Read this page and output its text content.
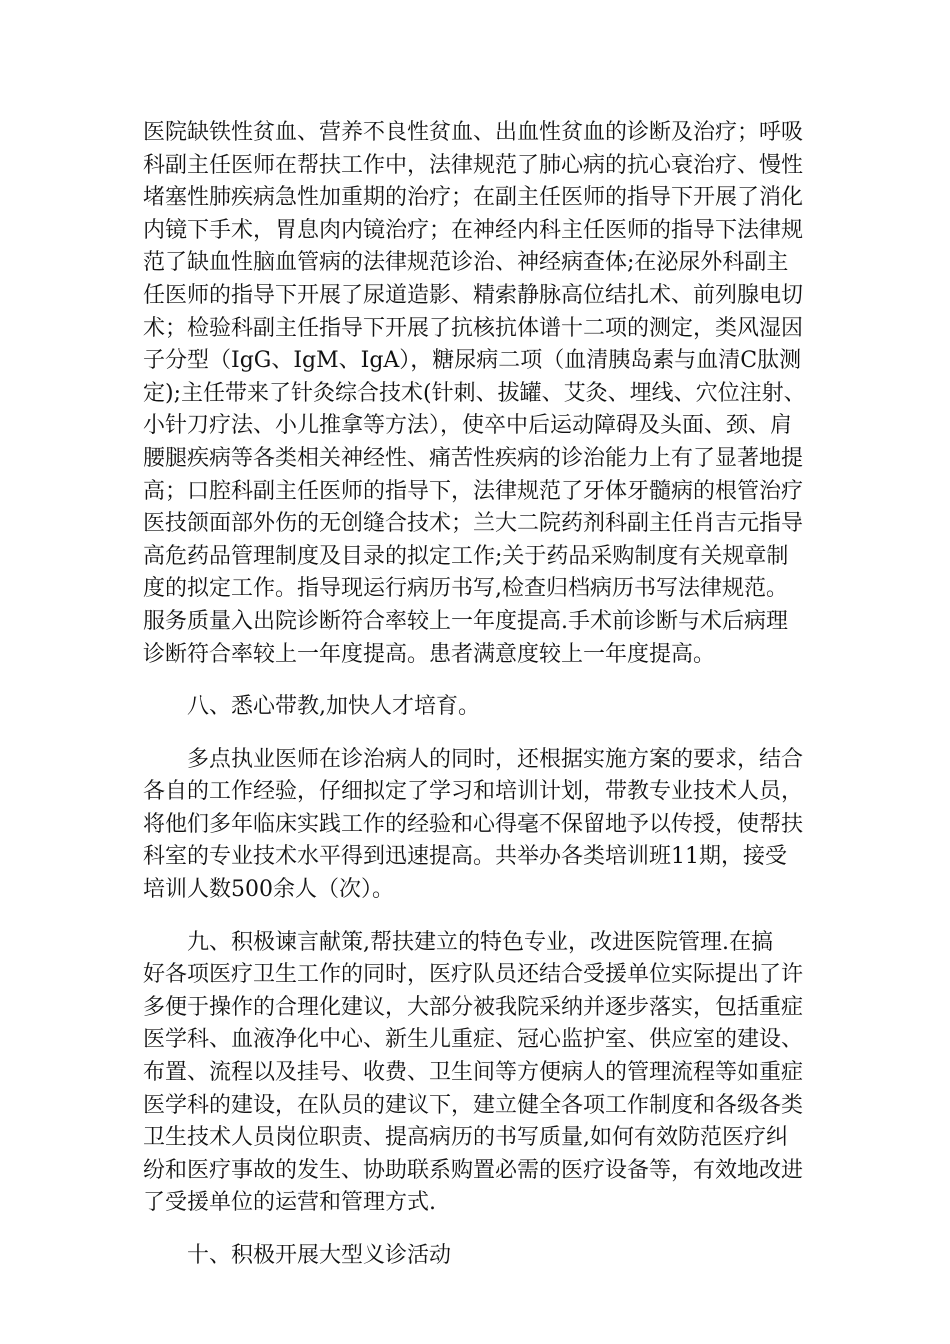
医院缺铁性贫血、营养不良性贫血、出血性贫血的诊断及治疗；呼吸
科副主任医师在帮扶工作中，法律规范了肺心病的抗心衰治疗、慢性
堵塞性肺疾病急性加重期的治疗；在副主任医师的指导下开展了消化
内镜下手术，胃息肉内镜治疗；在神经内科主任医师的指导下法律规
范了缺血性脑血管病的法律规范诊治、神经病查体;在泌尿外科副主
任医师的指导下开展了尿道造影、精索静脉高位结扎术、前列腺电切
术；检验科副主任指导下开展了抗核抗体谱十二项的测定，类风湿因
子分型（IgG、IgM、IgA），糖尿病二项（血清胰岛素与血清C肽测
定);主任带来了针灸综合技术(针刺、拔罐、艾灸、埋线、穴位注射、
小针刀疗法、小儿推拿等方法），使卒中后运动障碍及头面、颈、肩
腰腿疾病等各类相关神经性、痛苦性疾病的诊治能力上有了显著地提
高；口腔科副主任医师的指导下，法律规范了牙体牙髓病的根管治疗
医技颌面部外伤的无创缝合技术；兰大二院药剂科副主任肖吉元指导
高危药品管理制度及目录的拟定工作;关于药品采购制度有关规章制
度的拟定工作。指导现运行病历书写,检查归档病历书写法律规范。
服务质量入出院诊断符合率较上一年度提高.手术前诊断与术后病理
诊断符合率较上一年度提高。患者满意度较上一年度提高。
八、悉心带教,加快人才培育。
多点执业医师在诊治病人的同时，还根据实施方案的要求，结合
各自的工作经验，仔细拟定了学习和培训计划，带教专业技术人员，
将他们多年临床实践工作的经验和心得毫不保留地予以传授，使帮扶
科室的专业技术水平得到迅速提高。共举办各类培训班11期，接受
培训人数500余人（次）。
九、积极谏言献策,帮扶建立的特色专业，改进医院管理.在搞
好各项医疗卫生工作的同时，医疗队员还结合受援单位实际提出了许
多便于操作的合理化建议，大部分被我院采纳并逐步落实，包括重症
医学科、血液净化中心、新生儿重症、冠心监护室、供应室的建设、
布置、流程以及挂号、收费、卫生间等方便病人的管理流程等如重症
医学科的建设，在队员的建议下，建立健全各项工作制度和各级各类
卫生技术人员岗位职责、提高病历的书写质量,如何有效防范医疗纠
纷和医疗事故的发生、协助联系购置必需的医疗设备等，有效地改进
了受援单位的运营和管理方式.
十、积极开展大型义诊活动
